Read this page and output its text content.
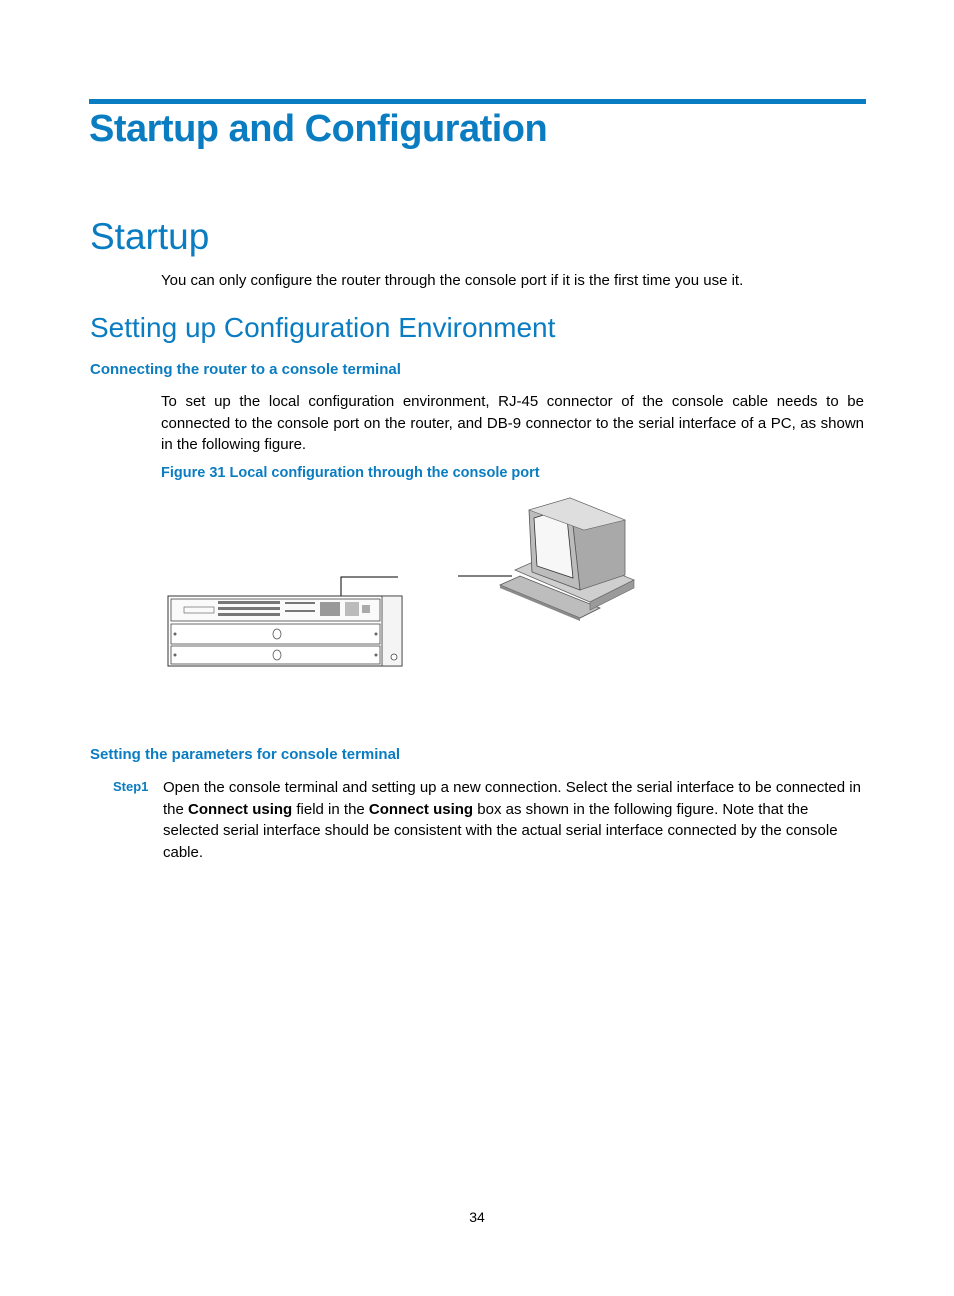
Startup and Configuration
Startup

You can only configure the router through the console port if it is the first time you use it.

Setting up Configuration Environment
Connecting the router to a console terminal

To set up the local configuration environment, RJ-45 connector of the console cable needs to be connected to the console port on the router, and DB-9 connector to the serial interface of a PC, as shown in the following figure.

Figure 31 Local configuration through the console port

Setting the parameters for console terminal
Step1 Open the console terminal and setting up a new connection. Select the serial interface to be connected in the Connect using field in the Connect using box as shown in the following figure. Note that the selected serial interface should be consistent with the actual serial interface connected by the console cable.

34
